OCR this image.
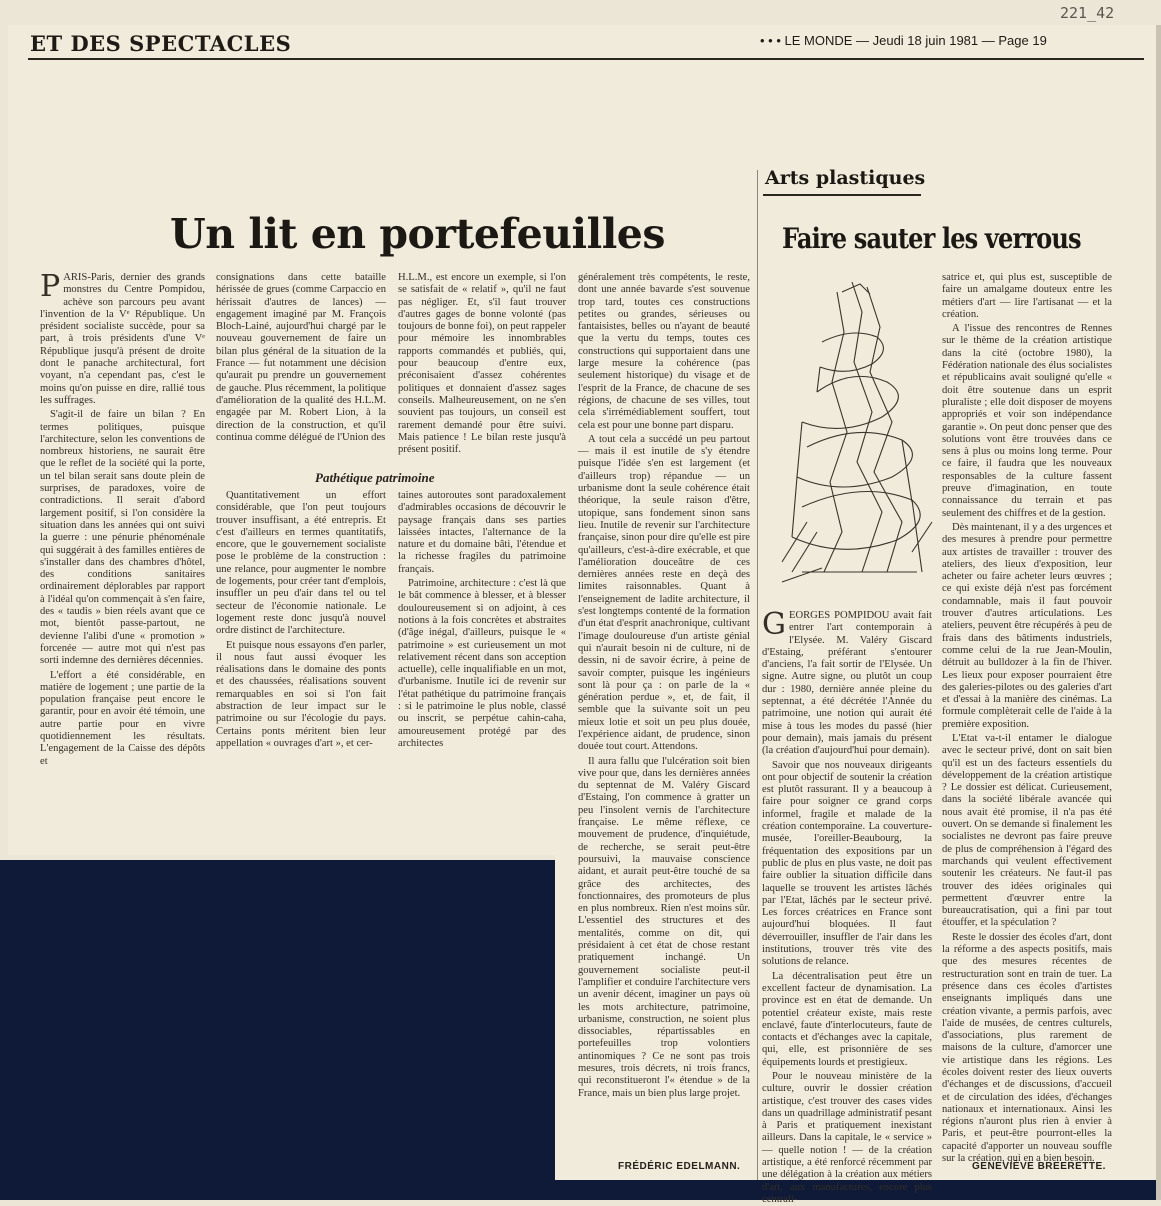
ET DES SPECTACLES	• • • LE MONDE — Jeudi 18 juin 1981 — Page 19
221_42
Un lit en portefeuilles

PARIS-Paris, dernier des grands monstres du Centre Pompidou, achève son parcours peu avant l'invention de la Vᵉ République. Un président socialiste succède, pour sa part, à trois présidents d'une Vᵉ République jusqu'à présent de droite dont le panache architectural, fort voyant, n'a cependant pas, c'est le moins qu'on puisse en dire, rallié tous les suffrages.

S'agit-il de faire un bilan ? En termes politiques, puisque l'architecture, selon les conventions de nombreux historiens, ne saurait être que le reflet de la société qui la porte, un tel bilan serait sans doute plein de surprises, de paradoxes, voire de contradictions. Il serait d'abord largement positif, si l'on considère la situation dans les années qui ont suivi la guerre : une pénurie phénoménale qui suggérait à des familles entières de s'installer dans des chambres d'hôtel, des conditions sanitaires ordinairement déplorables par rapport à l'idéal qu'on commençait à s'en faire, des « taudis » bien réels avant que ce mot, bientôt passe-partout, ne devienne l'alibi d'une « promotion » forcenée — autre mot qui n'est pas sorti indemne des dernières décennies.

L'effort a été considérable, en matière de logement ; une partie de la population française peut encore le garantir, pour en avoir été témoin, une autre partie pour en vivre quotidiennement les résultats. L'engagement de la Caisse des dépôts et

consignations dans cette bataille hérissée de grues (comme Carpaccio en hérissait d'autres de lances) — engagement imaginé par M. François Bloch-Lainé, aujourd'hui chargé par le nouveau gouvernement de faire un bilan plus général de la situation de la France — fut notamment une décision qu'aurait pu prendre un gouvernement de gauche. Plus récemment, la politique d'amélioration de la qualité des H.L.M. engagée par M. Robert Lion, à la direction de la construction, et qu'il continua comme délégué de l'Union des

H.L.M., est encore un exemple, si l'on se satisfait de « relatif », qu'il ne faut pas négliger. Et, s'il faut trouver d'autres gages de bonne volonté (pas toujours de bonne foi), on peut rappeler pour mémoire les innombrables rapports commandés et publiés, qui, pour beaucoup d'entre eux, préconisaient d'assez cohérentes politiques et donnaient d'assez sages conseils. Malheureusement, on ne s'en souvient pas toujours, un conseil est rarement demandé pour être suivi. Mais patience ! Le bilan reste jusqu'à présent positif.

Pathétique patrimoine

Quantitativement un effort considérable, que l'on peut toujours trouver insuffisant, a été entrepris. Et c'est d'ailleurs en termes quantitatifs, encore, que le gouvernement socialiste pose le problème de la construction : une relance, pour augmenter le nombre de logements, pour créer tant d'emplois, insuffler un peu d'air dans tel ou tel secteur de l'économie nationale. Le logement reste donc jusqu'à nouvel ordre distinct de l'architecture.

Et puisque nous essayons d'en parler, il nous faut aussi évoquer les réalisations dans le domaine des ponts et des chaussées, réalisations souvent remarquables en soi si l'on fait abstraction de leur impact sur le patrimoine ou sur l'écologie du pays. Certains ponts méritent bien leur appellation « ouvrages d'art », et cer-

taines autoroutes sont paradoxalement d'admirables occasions de découvrir le paysage français dans ses parties laissées intactes, l'alternance de la nature et du domaine bâti, l'étendue et la richesse fragiles du patrimoine français.

Patrimoine, architecture : c'est là que le bât commence à blesser, et à blesser douloureusement si on adjoint, à ces notions à la fois concrètes et abstraites (d'âge inégal, d'ailleurs, puisque le « patrimoine » est curieusement un mot relativement récent dans son acception actuelle), celle inqualifiable en un mot, d'urbanisme. Inutile ici de revenir sur l'état pathétique du patrimoine français : si le patrimoine le plus noble, classé ou inscrit, se perpétue cahin-caha, amoureusement protégé par des architectes

généralement très compétents, le reste, dont une année bavarde s'est souvenue trop tard, toutes ces constructions petites ou grandes, sérieuses ou fantaisistes, belles ou n'ayant de beauté que la vertu du temps, toutes ces constructions qui supportaient dans une large mesure la cohérence (pas seulement historique) du visage et de l'esprit de la France, de chacune de ses régions, de chacune de ses villes, tout cela s'irrémédiablement souffert, tout cela est pour une bonne part disparu.

A tout cela a succédé un peu partout — mais il est inutile de s'y étendre puisque l'idée s'en est largement (et d'ailleurs trop) répandue — un urbanisme dont la seule cohérence était théorique, la seule raison d'être, utopique, sans fondement sinon sans lieu. Inutile de revenir sur l'architecture française, sinon pour dire qu'elle est pire qu'ailleurs, c'est-à-dire exécrable, et que l'amélioration douceâtre de ces dernières années reste en deçà des limites raisonnables. Quant à l'enseignement de ladite architecture, il s'est longtemps contenté de la formation d'un état d'esprit anachronique, cultivant l'image douloureuse d'un artiste génial qui n'aurait besoin ni de culture, ni de dessin, ni de savoir écrire, à peine de savoir compter, puisque les ingénieurs sont là pour ça : on parle de la « génération perdue », et, de fait, il semble que la suivante soit un peu mieux lotie et soit un peu plus douée, l'expérience aidant, de prudence, sinon douée tout court. Attendons.

Il aura fallu que l'ulcération soit bien vive pour que, dans les dernières années du septennat de M. Valéry Giscard d'Estaing, l'on commence à gratter un peu l'insolent vernis de l'architecture française. Le même réflexe, ce mouvement de prudence, d'inquiétude, de recherche, se serait peut-être poursuivi, la mauvaise conscience aidant, et aurait peut-être touché de sa grâce des architectes, des fonctionnaires, des promoteurs de plus en plus nombreux. Rien n'est moins sûr. L'essentiel des structures et des mentalités, comme on dit, qui présidaient à cet état de chose restant pratiquement inchangé. Un gouvernement socialiste peut-il l'amplifier et conduire l'architecture vers un avenir décent, imaginer un pays où les mots architecture, patrimoine, urbanisme, construction, ne soient plus dissociables, répartissables en portefeuilles trop volontiers antinomiques ? Ce ne sont pas trois mesures, trois décrets, ni trois francs, qui reconstitueront l'« étendue » de la France, mais un bien plus large projet.

FRÉDÉRIC EDELMANN.
Arts plastiques
Faire sauter les verrous

GEORGES POMPIDOU avait fait entrer l'art contemporain à l'Elysée. M. Valéry Giscard d'Estaing, préférant s'entourer d'anciens, l'a fait sortir de l'Elysée. Un signe. Autre signe, ou plutôt un coup dur : 1980, dernière année pleine du septennat, a été décrétée l'Année du patrimoine, une notion qui aurait été mise à tous les modes du passé (hier pour demain), mais jamais du présent (la création d'aujourd'hui pour demain).

Savoir que nos nouveaux dirigeants ont pour objectif de soutenir la création est plutôt rassurant. Il y a beaucoup à faire pour soigner ce grand corps informel, fragile et malade de la création contemporaine. La couverture-musée, l'oreiller-Beaubourg, la fréquentation des expositions par un public de plus en plus vaste, ne doit pas faire oublier la situation difficile dans laquelle se trouvent les artistes lâchés par l'Etat, lâchés par le secteur privé. Les forces créatrices en France sont aujourd'hui bloquées. Il faut déverrouiller, insuffler de l'air dans les institutions, trouver très vite des solutions de relance.

La décentralisation peut être un excellent facteur de dynamisation. La province est en état de demande. Un potentiel créateur existe, mais reste enclavé, faute d'interlocuteurs, faute de contacts et d'échanges avec la capitale, qui, elle, est prisonnière de ses équipements lourds et prestigieux.

Pour le nouveau ministère de la culture, ouvrir le dossier création artistique, c'est trouver des cases vides dans un quadrillage administratif pesant à Paris et pratiquement inexistant ailleurs. Dans la capitale, le « service » — quelle notion ! — de la création artistique, a été renforcé récemment par une délégation à la création aux métiers d'art, aux manufactures, encore plus centrali-

satrice et, qui plus est, susceptible de faire un amalgame douteux entre les métiers d'art — lire l'artisanat — et la création.

A l'issue des rencontres de Rennes sur le thème de la création artistique dans la cité (octobre 1980), la Fédération nationale des élus socialistes et républicains avait souligné qu'elle « doit être soutenue dans un esprit pluraliste ; elle doit disposer de moyens appropriés et voir son indépendance garantie ». On peut donc penser que des solutions vont être trouvées dans ce sens à plus ou moins long terme. Pour ce faire, il faudra que les nouveaux responsables de la culture fassent preuve d'imagination, en toute connaissance du terrain et pas seulement des chiffres et de la gestion.

Dès maintenant, il y a des urgences et des mesures à prendre pour permettre aux artistes de travailler : trouver des ateliers, des lieux d'exposition, leur acheter ou faire acheter leurs œuvres ; ce qui existe déjà n'est pas forcément condamnable, mais il faut pouvoir trouver d'autres articulations. Les ateliers, peuvent être récupérés à peu de frais dans des bâtiments industriels, comme celui de la rue Jean-Moulin, détruit au bulldozer à la fin de l'hiver. Les lieux pour exposer pourraient être des galeries-pilotes ou des galeries d'art et d'essai à la manière des cinémas. La formule complèterait celle de l'aide à la première exposition.

L'Etat va-t-il entamer le dialogue avec le secteur privé, dont on sait bien qu'il est un des facteurs essentiels du développement de la création artistique ? Le dossier est délicat. Curieusement, dans la société libérale avancée qui nous avait été promise, il n'a pas été ouvert. On se demande si finalement les socialistes ne devront pas faire preuve de plus de compréhension à l'égard des marchands qui veulent effectivement soutenir les créateurs. Ne faut-il pas trouver des idées originales qui permettent d'œuvrer entre la bureaucratisation, qui a fini par tout étouffer, et la spéculation ?

Reste le dossier des écoles d'art, dont la réforme a des aspects positifs, mais que des mesures récentes de restructuration sont en train de tuer. La présence dans ces écoles d'artistes enseignants impliqués dans une création vivante, a permis parfois, avec l'aide de musées, de centres culturels, d'associations, plus rarement de maisons de la culture, d'amorcer une vie artistique dans les régions. Les écoles doivent rester des lieux ouverts d'échanges et de discussions, d'accueil et de circulation des idées, d'échanges nationaux et internationaux. Ainsi les régions n'auront plus rien à envier à Paris, et peut-être pourront-elles la capacité d'apporter un nouveau souffle sur la création, qui en a bien besoin.

GENEVIÈVE BREERETTE.
